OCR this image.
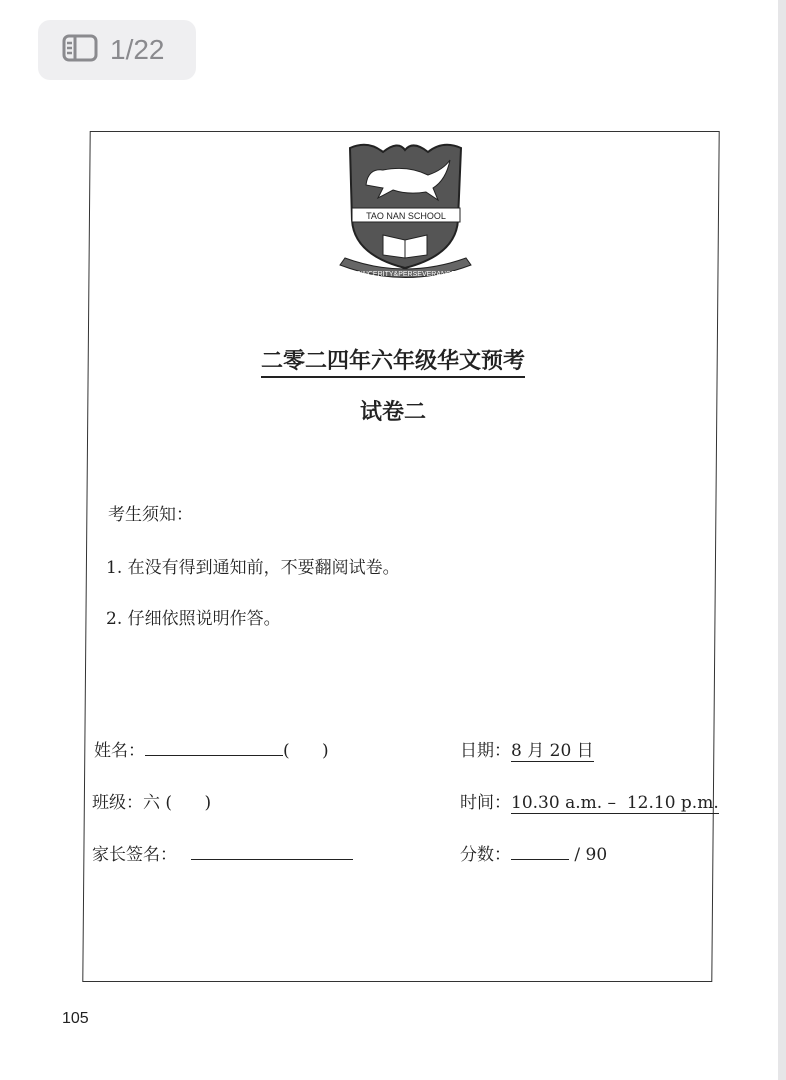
1/22
TAO NAN SCHOOL
SINCERITY&PERSEVERANCE
二零二四年六年级华文预考
试卷二
考生须知：
1. 在没有得到通知前，不要翻阅试卷。
2. 仔细依照说明作答。
姓名：	(      )
班级：六 (      )
家长签名：
日期：8 月 20 日
时间：10.30 a.m. –  12.10 p.m.
分数：	/ 90
105
